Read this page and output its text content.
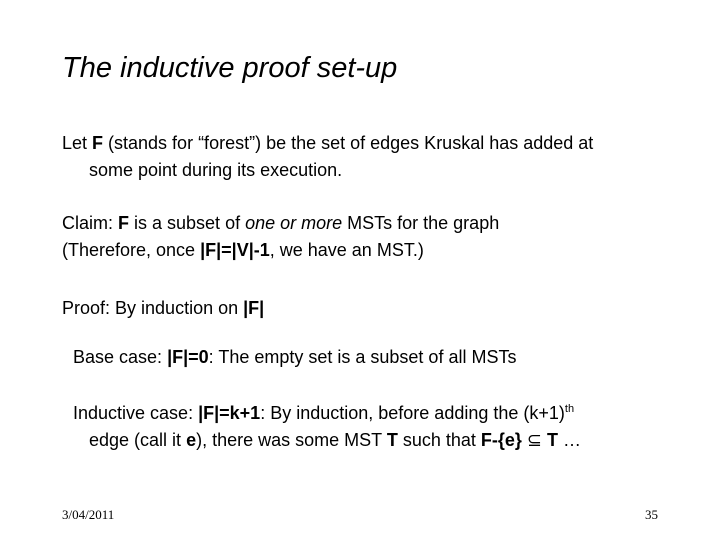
The inductive proof set-up
Let F (stands for “forest”) be the set of edges Kruskal has added at
some point during its execution.
Claim: F is a subset of one or more MSTs for the graph
(Therefore, once |F|=|V|-1, we have an MST.)
Proof: By induction on |F|
Base case: |F|=0: The empty set is a subset of all MSTs
Inductive case: |F|=k+1: By induction, before adding the $(k+1)^{th}$
edge (call it e), there was some MST T such that F-{e} ⊆ T …
3/04/2011	35
